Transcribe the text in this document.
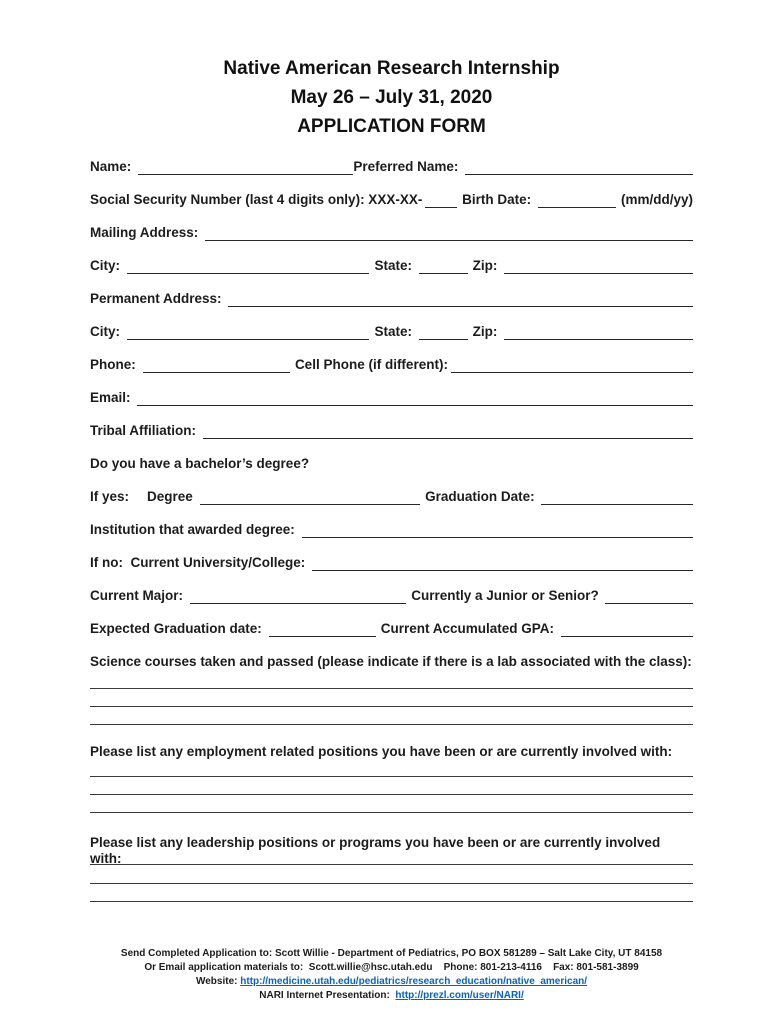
Native American Research Internship
May 26 – July 31, 2020
APPLICATION FORM
Name:	Preferred Name:
Social Security Number (last 4 digits only): XXX-XX-	Birth Date:	(mm/dd/yy)
Mailing Address:
City:	State:	Zip:
Permanent Address:
City:	State:	Zip:
Phone:	Cell Phone (if different):
Email:
Tribal Affiliation:
Do you have a bachelor’s degree?
If yes: Degree	Graduation Date:
Institution that awarded degree:
If no:  Current University/College:
Current Major:	Currently a Junior or Senior?
Expected Graduation date:	Current Accumulated GPA:
Science courses taken and passed (please indicate if there is a lab associated with the class):
Please list any employment related positions you have been or are currently involved with:
Please list any leadership positions or programs you have been or are currently involved with:
Send Completed Application to: Scott Willie - Department of Pediatrics, PO BOX 581289 – Salt Lake City, UT 84158
Or Email application materials to:  Scott.willie@hsc.utah.edu    Phone: 801-213-4116    Fax: 801-581-3899
Website: http://medicine.utah.edu/pediatrics/research_education/native_american/
NARI Internet Presentation:  http://prezl.com/user/NARI/
